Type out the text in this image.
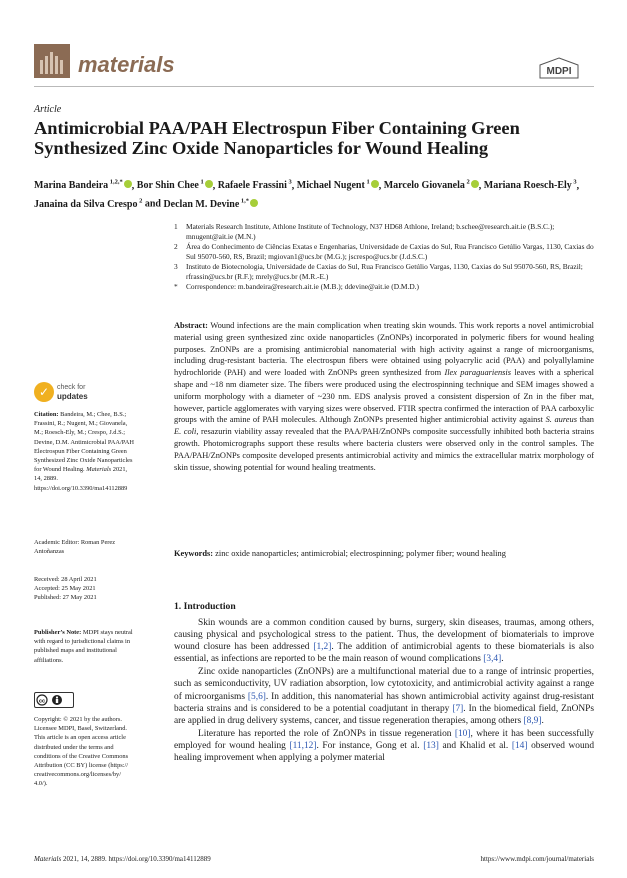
materials	MDPI
Article
Antimicrobial PAA/PAH Electrospun Fiber Containing Green Synthesized Zinc Oxide Nanoparticles for Wound Healing
Marina Bandeira $^{1,2,*}$ , Bor Shin Chee $^1$ , Rafaele Frassini $^3$, Michael Nugent $^1$ , Marcelo Giovanela $^2$ , Mariana Roesch-Ely $^3$, Janaina da Silva Crespo $^2$ and Declan M. Devine $^{1,*}$
1	Materials Research Institute, Athlone Institute of Technology, N37 HD68 Athlone, Ireland; b.schee@research.ait.ie (B.S.C.); mnugent@ait.ie (M.N.)
2	Área do Conhecimento de Ciências Exatas e Engenharias, Universidade de Caxias do Sul, Rua Francisco Getúlio Vargas, 1130, Caxias do Sul 95070-560, RS, Brazil; mgiovan1@ucs.br (M.G.); jscrespo@ucs.br (J.d.S.C.)
3	Instituto de Biotecnologia, Universidade de Caxias do Sul, Rua Francisco Getúlio Vargas, 1130, Caxias do Sul 95070-560, RS, Brazil; rfrassin@ucs.br (R.F.); mrely@ucs.br (M.R.-E.)
*	Correspondence: m.bandeira@research.ait.ie (M.B.); ddevine@ait.ie (D.M.D.)
✓	check for
updates
Citation: Bandeira, M.; Chee, B.S.; Frassini, R.; Nugent, M.; Giovanela, M.; Roesch-Ely, M.; Crespo, J.d.S.; Devine, D.M. Antimicrobial PAA/PAH Electrospun Fiber Containing Green Synthesized Zinc Oxide Nanoparticles for Wound Healing. Materials 2021, 14, 2889. https://doi.org/10.3390/ma14112889
Academic Editor: Roman Perez Antoñanzas
Received: 28 April 2021
Accepted: 25 May 2021
Published: 27 May 2021
Publisher’s Note: MDPI stays neutral with regard to jurisdictional claims in published maps and institutional affiliations.
cc
Copyright: © 2021 by the authors. Licensee MDPI, Basel, Switzerland. This article is an open access article distributed under the terms and conditions of the Creative Commons Attribution (CC BY) license (https:// creativecommons.org/licenses/by/ 4.0/).
Abstract: Wound infections are the main complication when treating skin wounds. This work reports a novel antimicrobial material using green synthesized zinc oxide nanoparticles (ZnONPs) incorporated in polymeric fibers for wound healing purposes. ZnONPs are a promising antimicrobial nanomaterial with high activity against a range of microorganisms, including drug-resistant bacteria. The electrospun fibers were obtained using polyacrylic acid (PAA) and polyallylamine hydrochloride (PAH) and were loaded with ZnONPs green synthesized from Ilex paraguariensis leaves with a spherical shape and ~18 nm diameter size. The fibers were produced using the electrospinning technique and SEM images showed a uniform morphology with a diameter of ~230 nm. EDS analysis proved a consistent dispersion of Zn in the fiber mat, however, particle agglomerates with varying sizes were observed. FTIR spectra confirmed the interaction of PAA carboxylic groups with the amine of PAH molecules. Although ZnONPs presented higher antimicrobial activity against S. aureus than E. coli, resazurin viability assay revealed that the PAA/PAH/ZnONPs composite successfully inhibited both bacteria strains growth. Photomicrographs support these results where bacteria clusters were observed only in the control samples. The PAA/PAH/ZnONPs composite developed presents antimicrobial activity and mimics the extracellular matrix morphology of skin tissue, showing potential for wound healing treatments.
Keywords: zinc oxide nanoparticles; antimicrobial; electrospinning; polymer fiber; wound healing
1. Introduction

Skin wounds are a common condition caused by burns, surgery, skin diseases, traumas, among others, causing physical and psychological stress to the patient. Thus, the development of biomaterials to improve wound closure has been addressed [1,2]. The addition of antimicrobial agents to these biomaterials is also essential, as infections are reported to be the main reason of wound complications [3,4].

Zinc oxide nanoparticles (ZnONPs) are a multifunctional material due to a range of intrinsic properties, such as semiconductivity, UV radiation absorption, low cytotoxicity, and antimicrobial activity against a range of microorganisms [5,6]. In addition, this nanomaterial has shown antimicrobial activity against drug-resistant bacteria strains and is considered to be a potential coadjutant in therapy [7]. In the biomedical field, ZnONPs are applied in drug delivery systems, cancer, and tissue regeneration therapies, among others [8,9].

Literature has reported the role of ZnONPs in tissue regeneration [10], where it has been successfully employed for wound healing [11,12]. For instance, Gong et al. [13] and Khalid et al. [14] observed wound healing improvement when applying a polymer material

Materials 2021, 14, 2889. https://doi.org/10.3390/ma14112889	https://www.mdpi.com/journal/materials
